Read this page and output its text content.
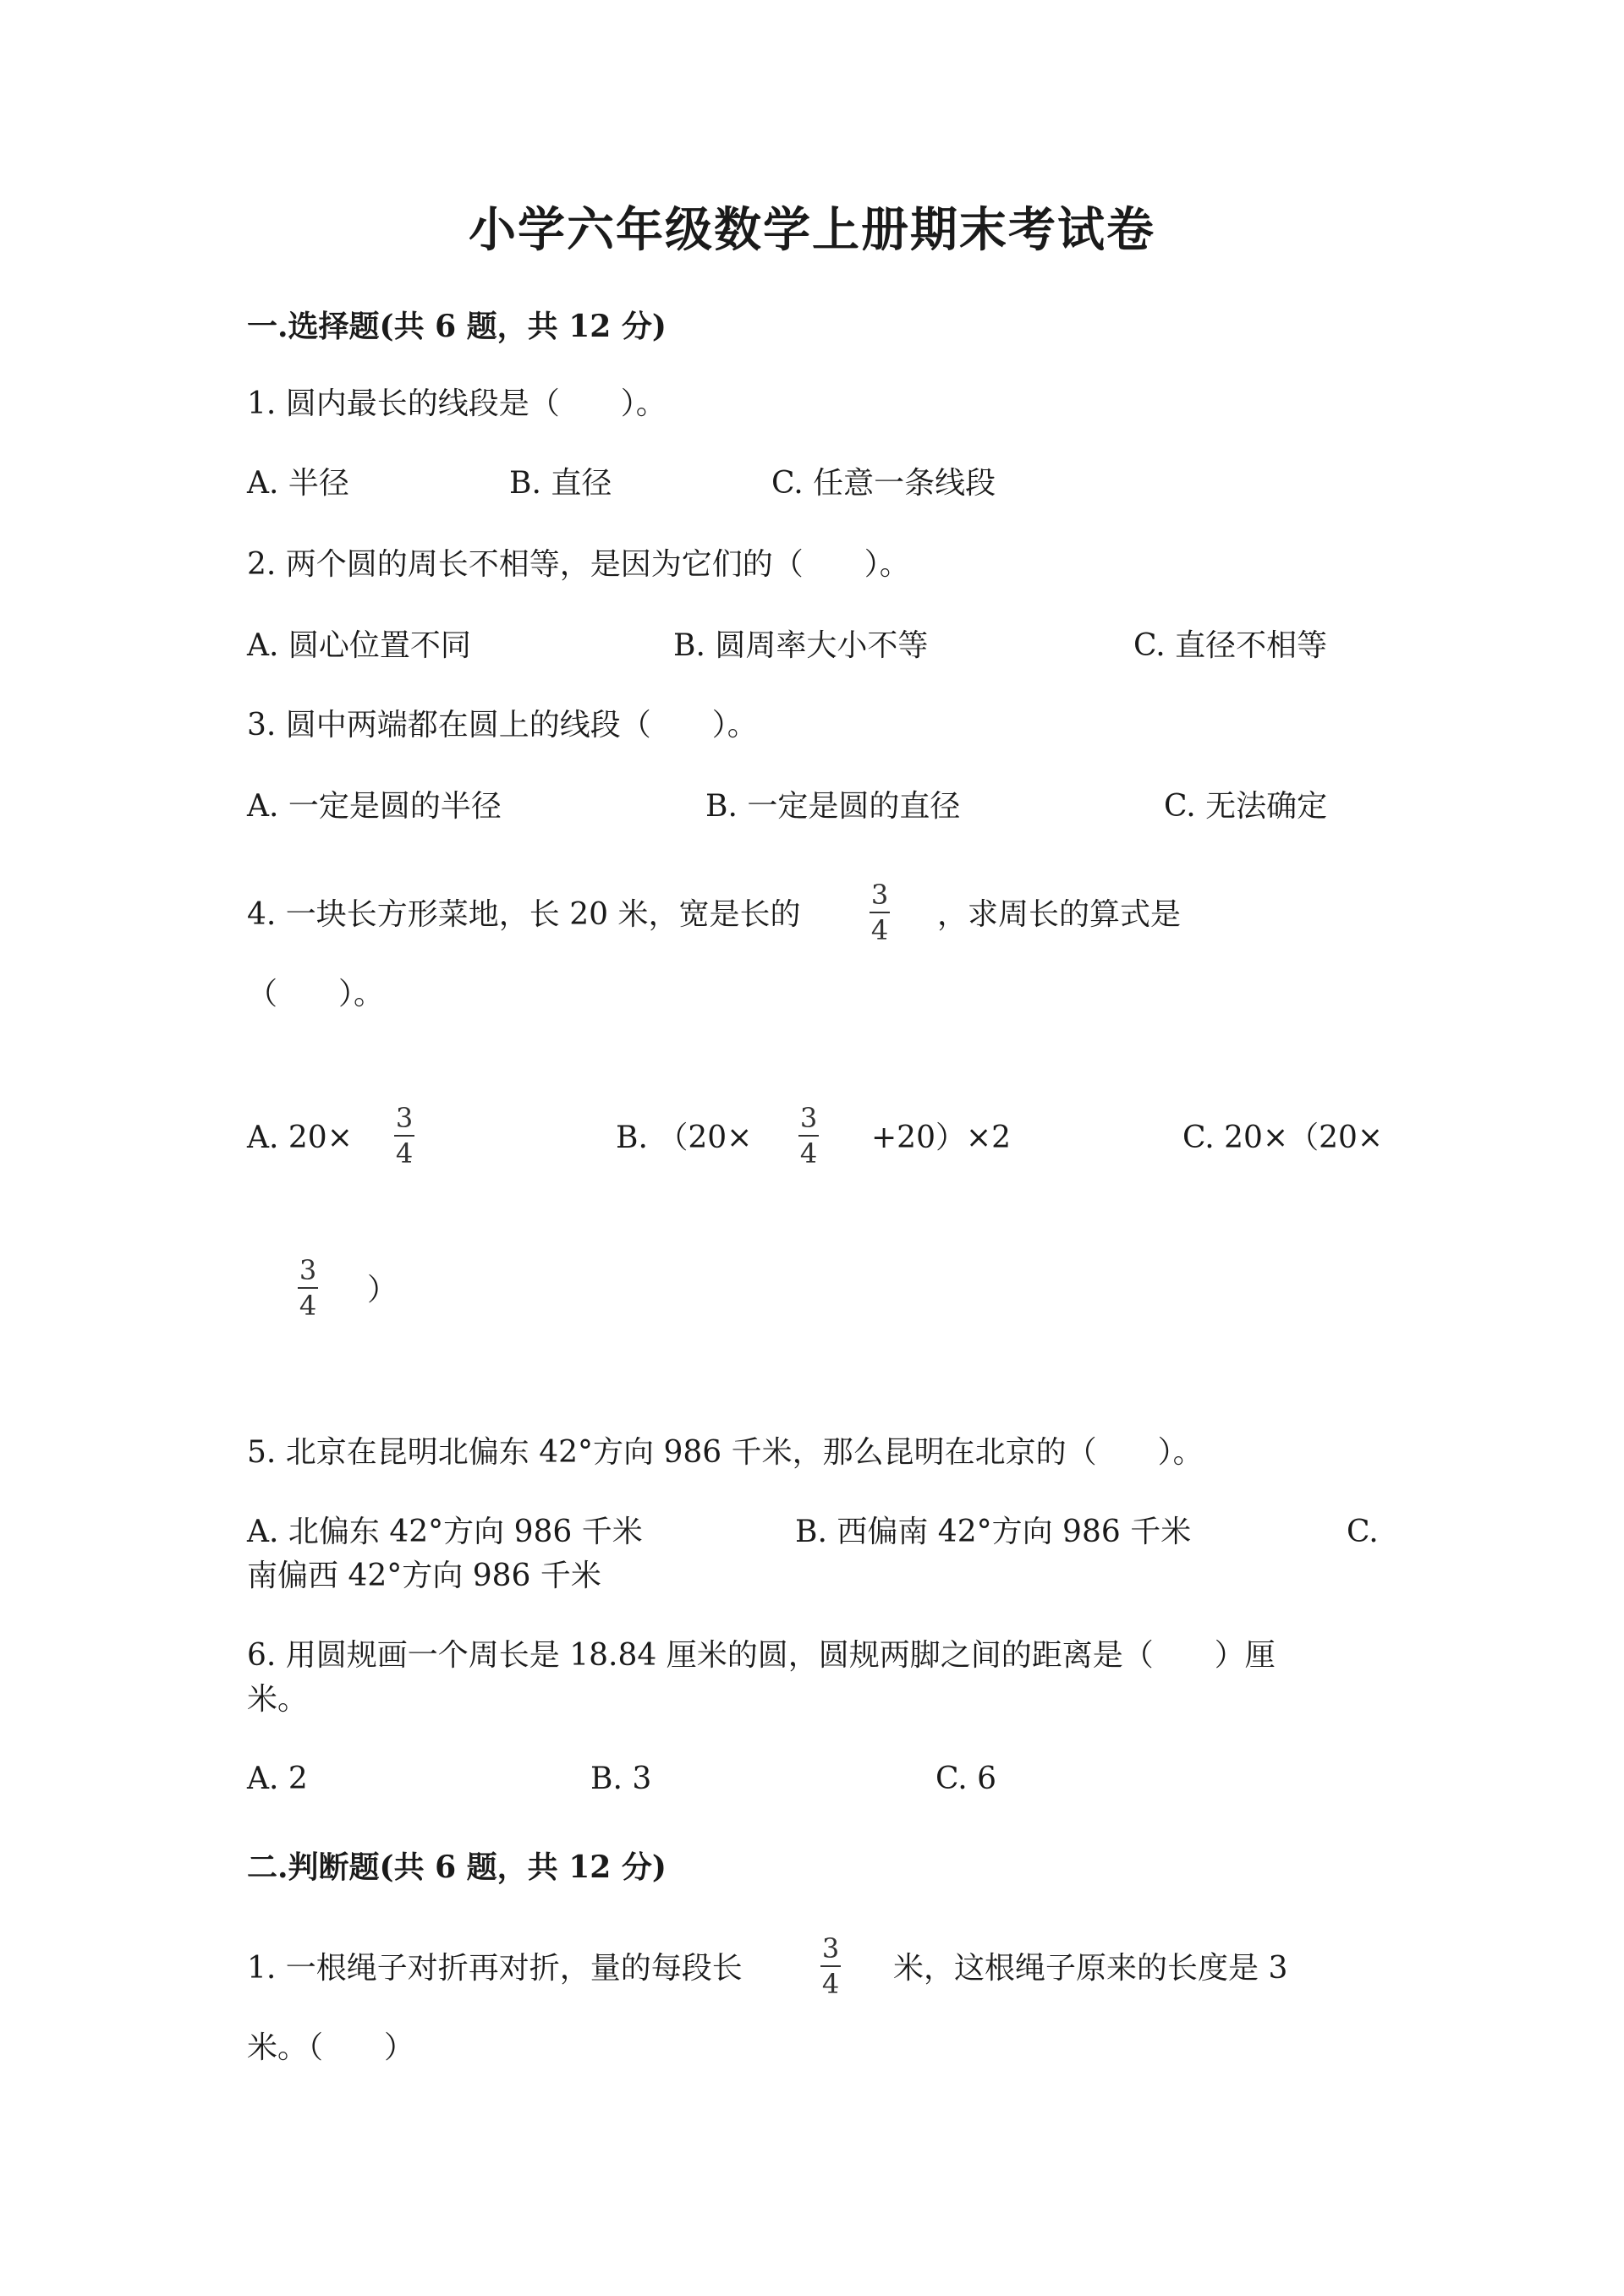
小学六年级数学上册期末考试卷
一.选择题(共 6 题，共 12 分)
1. 圆内最长的线段是（　　）。
A. 半径	B. 直径	C. 任意一条线段
2. 两个圆的周长不相等，是因为它们的（　　）。
A. 圆心位置不同	B. 圆周率大小不等	C. 直径不相等
3. 圆中两端都在圆上的线段（　　）。
A. 一定是圆的半径	B. 一定是圆的直径	C. 无法确定
4. 一块长方形菜地，长 20 米，宽是长的
3
4 ，求周长的算式是
（　　）。
A. 20×
3
4	B. （20×
3
4 +20）×2	C. 20×（20×
3
4 ）
5. 北京在昆明北偏东 42°方向 986 千米，那么昆明在北京的（　　）。
A. 北偏东 42°方向 986 千米	B. 西偏南 42°方向 986 千米	C.
南偏西 42°方向 986 千米
6. 用圆规画一个周长是 18.84 厘米的圆，圆规两脚之间的距离是（　　）厘
米。
A. 2	B. 3	C. 6
二.判断题(共 6 题，共 12 分)
1. 一根绳子对折再对折，量的每段长
3
4 米，这根绳子原来的长度是 3
米。（　　）
